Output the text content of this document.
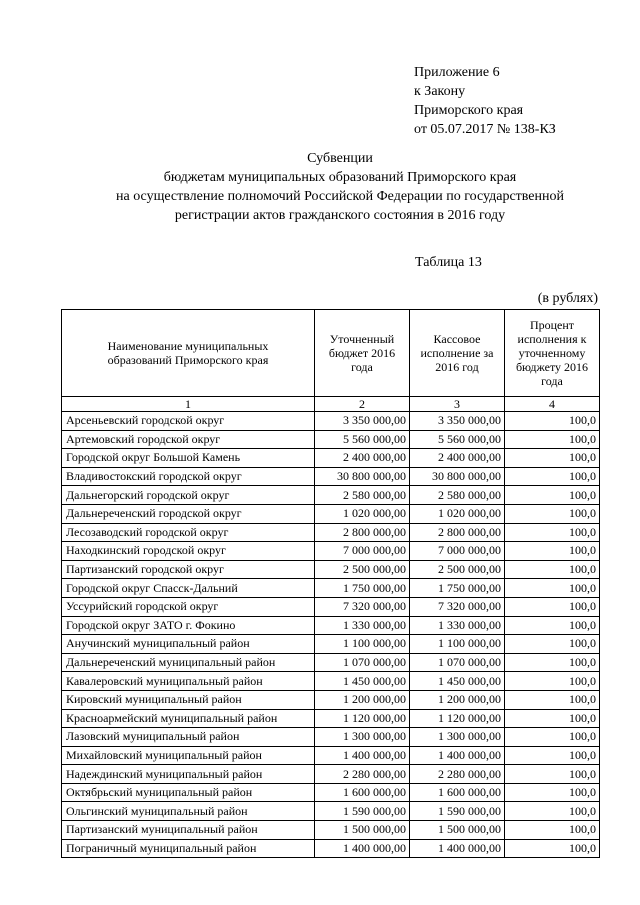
Приложение 6
к Закону
Приморского края
от 05.07.2017 № 138-КЗ
Субвенции
бюджетам муниципальных образований Приморского края
на осуществление полномочий Российской Федерации по государственной
регистрации актов гражданского состояния в 2016 году
Таблица 13
(в рублях)
Наименование муниципальных образований Приморского края	Уточненный бюджет 2016 года	Кассовое исполнение за 2016 год	Процент исполнения к уточненному бюджету 2016 года
1	2	3	4
Арсеньевский городской округ	3 350 000,00	3 350 000,00	100,0
Артемовский городской округ	5 560 000,00	5 560 000,00	100,0
Городской округ Большой Камень	2 400 000,00	2 400 000,00	100,0
Владивостокский городской округ	30 800 000,00	30 800 000,00	100,0
Дальнегорский городской округ	2 580 000,00	2 580 000,00	100,0
Дальнереченский городской округ	1 020 000,00	1 020 000,00	100,0
Лесозаводский городской округ	2 800 000,00	2 800 000,00	100,0
Находкинский городской округ	7 000 000,00	7 000 000,00	100,0
Партизанский городской округ	2 500 000,00	2 500 000,00	100,0
Городской округ Спасск-Дальний	1 750 000,00	1 750 000,00	100,0
Уссурийский городской округ	7 320 000,00	7 320 000,00	100,0
Городской округ ЗАТО г. Фокино	1 330 000,00	1 330 000,00	100,0
Анучинский муниципальный район	1 100 000,00	1 100 000,00	100,0
Дальнереченский муниципальный район	1 070 000,00	1 070 000,00	100,0
Кавалеровский муниципальный район	1 450 000,00	1 450 000,00	100,0
Кировский муниципальный район	1 200 000,00	1 200 000,00	100,0
Красноармейский муниципальный район	1 120 000,00	1 120 000,00	100,0
Лазовский муниципальный район	1 300 000,00	1 300 000,00	100,0
Михайловский муниципальный район	1 400 000,00	1 400 000,00	100,0
Надеждинский муниципальный район	2 280 000,00	2 280 000,00	100,0
Октябрьский муниципальный район	1 600 000,00	1 600 000,00	100,0
Ольгинский муниципальный район	1 590 000,00	1 590 000,00	100,0
Партизанский муниципальный район	1 500 000,00	1 500 000,00	100,0
Пограничный муниципальный район	1 400 000,00	1 400 000,00	100,0
